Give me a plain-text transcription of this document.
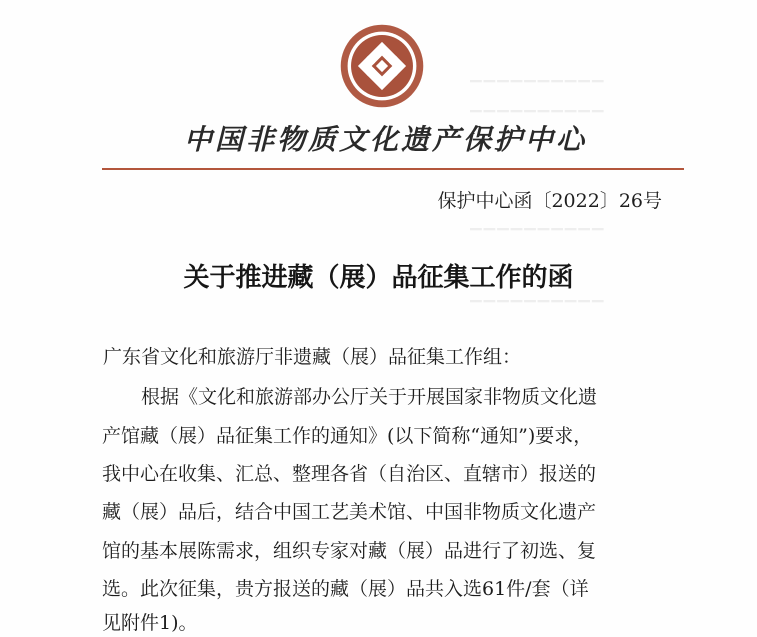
▔▔▔▔▔▔▔▔▔▔
▔▔▔▔▔▔▔▔▔▔
▔▔▔▔▔▔▔▔▔▔
▔▔▔▔▔▔▔▔▔▔
中国非物质文化遗产保护中心
保护中心函〔2022〕26号
关于推进藏（展）品征集工作的函
广东省文化和旅游厅非遗藏（展）品征集工作组：
根据《文化和旅游部办公厅关于开展国家非物质文化遗
产馆藏（展）品征集工作的通知》(以下简称“通知”)要求，
我中心在收集、汇总、整理各省（自治区、直辖市）报送的
藏（展）品后，结合中国工艺美术馆、中国非物质文化遗产
馆的基本展陈需求，组织专家对藏（展）品进行了初选、复
选。此次征集，贵方报送的藏（展）品共入选61件/套（详
见附件1)。
